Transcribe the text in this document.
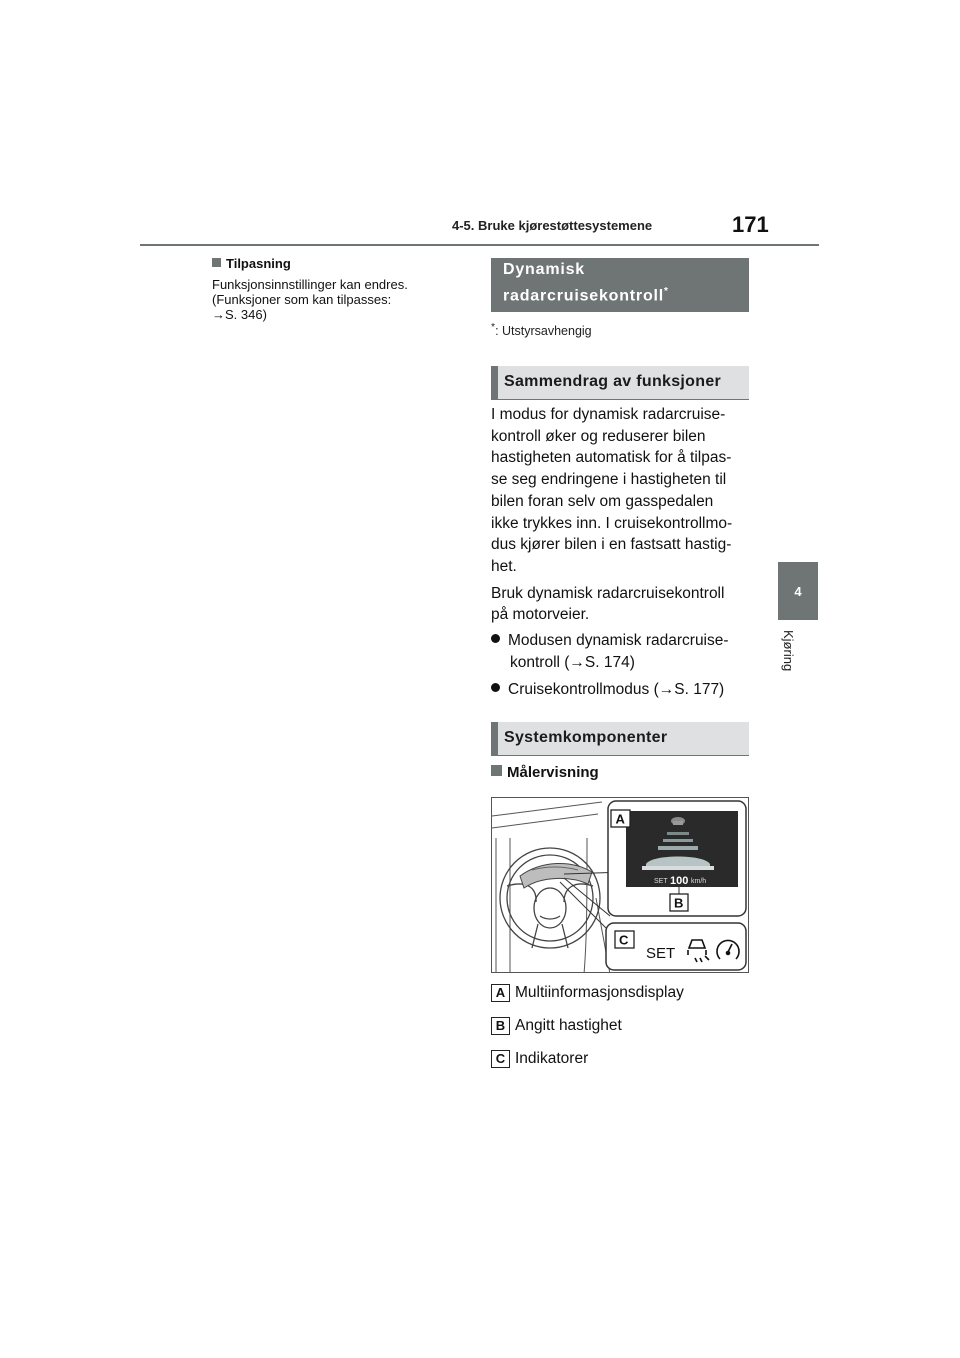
4-5. Bruke kjørestøttesystemene	171
4
Kjøring
Tilpasning

Funksjonsinnstillinger kan endres.

(Funksjoner som kan tilpasses:

→S. 346)

Dynamisk
radarcruisekontroll*
*: Utstyrsavhengig
Sammendrag av funksjoner

I modus for dynamisk radarcruise-
kontroll øker og reduserer bilen
hastigheten automatisk for å tilpas-
se seg endringene i hastigheten til
bilen foran selv om gasspedalen
ikke trykkes inn. I cruisekontrollmo-
dus kjører bilen i en fastsatt hastig-
het.

Bruk dynamisk radarcruisekontroll
på motorveier.

Modusen dynamisk radarcruise-
kontroll (→S. 174)
Cruisekontrollmodus (→S. 177)
Systemkomponenter
Målervisning
SET 100 km/h
A
B
C
SET
A Multiinformasjonsdisplay
B Angitt hastighet
C Indikatorer
